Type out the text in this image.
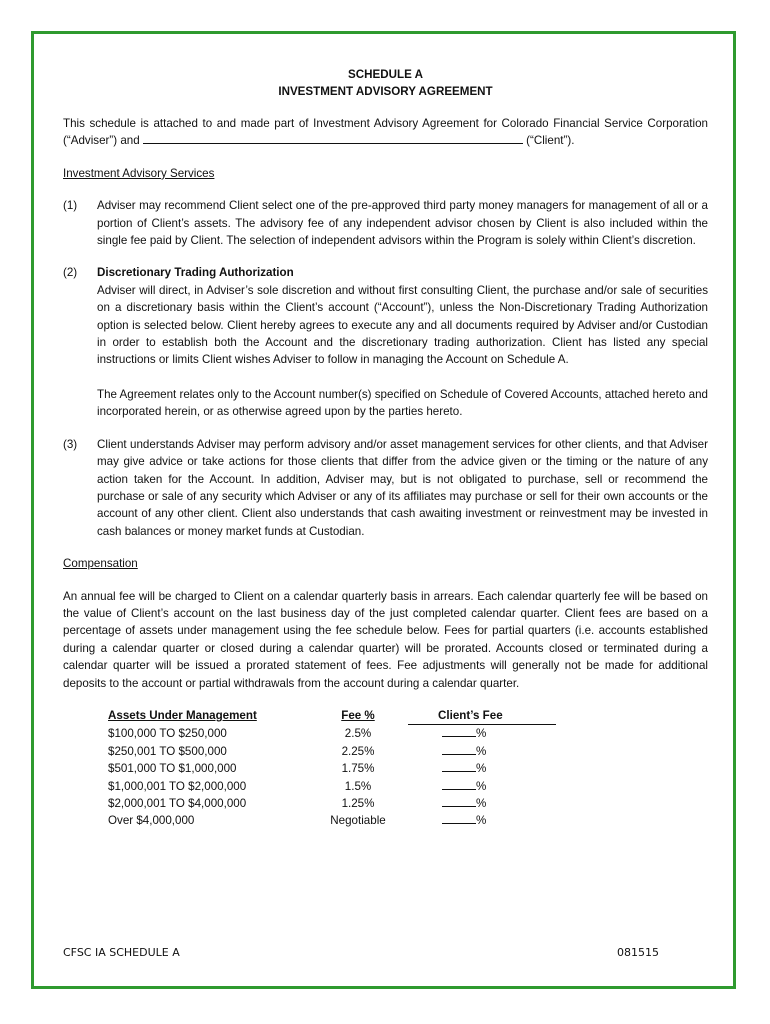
SCHEDULE A
INVESTMENT ADVISORY AGREEMENT

This schedule is attached to and made part of Investment Advisory Agreement for Colorado Financial Service Corporation (“Adviser”) and	(“Client”).

Investment Advisory Services
(1)	Adviser may recommend Client select one of the pre-approved third party money managers for management of all or a portion of Client’s assets. The advisory fee of any independent advisor chosen by Client is also included within the single fee paid by Client. The selection of independent advisors within the Program is solely within Client’s discretion.
(2)	Discretionary Trading Authorization
Adviser will direct, in Adviser’s sole discretion and without first consulting Client, the purchase and/or sale of securities on a discretionary basis within the Client’s account (“Account”), unless the Non-Discretionary Trading Authorization option is selected below. Client hereby agrees to execute any and all documents required by Adviser and/or Custodian in order to establish both the Account and the discretionary trading authorization. Client has listed any special instructions or limits Client wishes Adviser to follow in managing the Account on Schedule A.
The Agreement relates only to the Account number(s) specified on Schedule of Covered Accounts, attached hereto and incorporated herein, or as otherwise agreed upon by the parties hereto.
(3)	Client understands Adviser may perform advisory and/or asset management services for other clients, and that Adviser may give advice or take actions for those clients that differ from the advice given or the timing or the nature of any action taken for the Account. In addition, Adviser may, but is not obligated to purchase, sell or recommend the purchase or sale of any security which Adviser or any of its affiliates may purchase or sell for their own accounts or the account of any other client. Client also understands that cash awaiting investment or reinvestment may be invested in cash balances or money market funds at Custodian.
Compensation

An annual fee will be charged to Client on a calendar quarterly basis in arrears. Each calendar quarterly fee will be based on the value of Client’s account on the last business day of the just completed calendar quarter. Client fees are based on a percentage of assets under management using the fee schedule below. Fees for partial quarters (i.e. accounts established during a calendar quarter or closed during a calendar quarter) will be prorated. Accounts closed or terminated during a calendar quarter will be issued a prorated statement of fees. Fee adjustments will generally not be made for additional deposits to the account or partial withdrawals from the account during a calendar quarter.

Assets Under Management	Fee %	Client’s Fee
$100,000 TO $250,000	2.5%	%
$250,001 TO $500,000	2.25%	%
$501,000 TO $1,000,000	1.75%	%
$1,000,001 TO $2,000,000	1.5%	%
$2,000,001 TO $4,000,000	1.25%	%
Over $4,000,000	Negotiable	%
CFSC IA SCHEDULE A	081515
